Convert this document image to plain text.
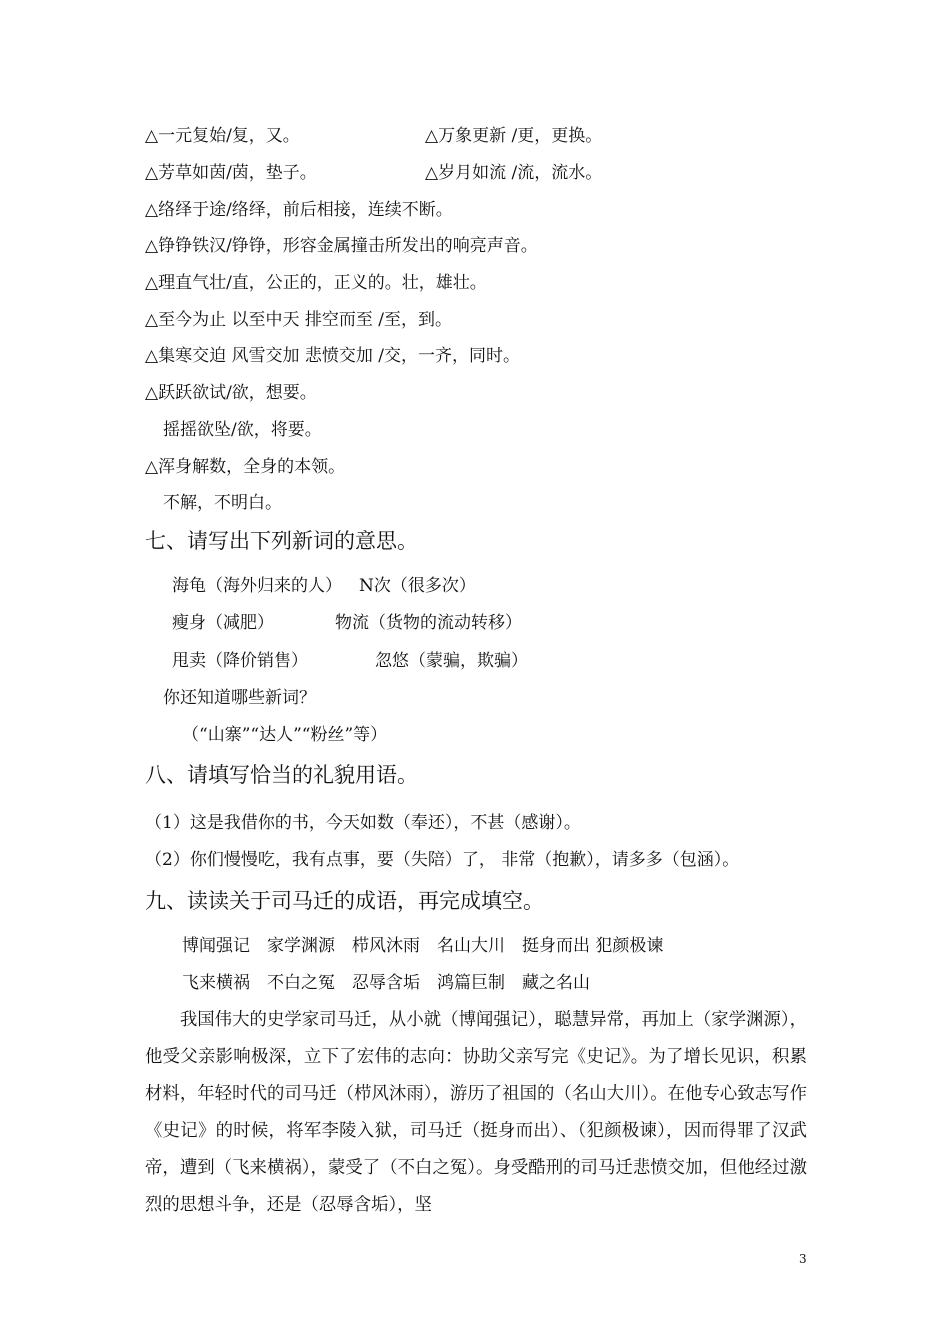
△一元复始/复，又。	△万象更新 /更，更换。
△芳草如茵/茵，垫子。	△岁月如流 /流，流水。
△络绎于途/络绎，前后相接，连续不断。
△铮铮铁汉/铮铮，形容金属撞击所发出的响亮声音。
△理直气壮/直，公正的，正义的。壮，雄壮。
△至今为止 以至中天 排空而至 /至，到。
△集寒交迫 风雪交加 悲愤交加 /交，一齐，同时。
△跃跃欲试/欲，想要。
摇摇欲坠/欲，将要。
△浑身解数，全身的本领。
不解，不明白。
七、请写出下列新词的意思。
海龟（海外归来的人） N次（很多次）
瘦身（减肥）	物流（货物的流动转移）
甩卖（降价销售）	忽悠（蒙骗，欺骗）
你还知道哪些新词？
（“山寨”“达人”“粉丝”等）
八、请填写恰当的礼貌用语。
（1）这是我借你的书，今天如数（奉还），不甚（感谢）。
（2）你们慢慢吃，我有点事，要（失陪）了， 非常（抱歉），请多多（包涵）。
九、读读关于司马迁的成语，再完成填空。
博闻强记　家学渊源　栉风沐雨　名山大川　挺身而出 犯颜极谏
飞来横祸　不白之冤　忍辱含垢　鸿篇巨制　藏之名山
　　我国伟大的史学家司马迁，从小就（博闻强记），聪慧异常，再加上（家学渊源），他受父亲影响极深，立下了宏伟的志向：协助父亲写完《史记》。为了增长见识，积累材料，年轻时代的司马迁（栉风沐雨），游历了祖国的（名山大川）。在他专心致志写作《史记》的时候，将军李陵入狱，司马迁（挺身而出）、（犯颜极谏），因而得罪了汉武帝，遭到（飞来横祸），蒙受了（不白之冤）。身受酷刑的司马迁悲愤交加，但他经过激烈的思想斗争，还是（忍辱含垢），坚
3
